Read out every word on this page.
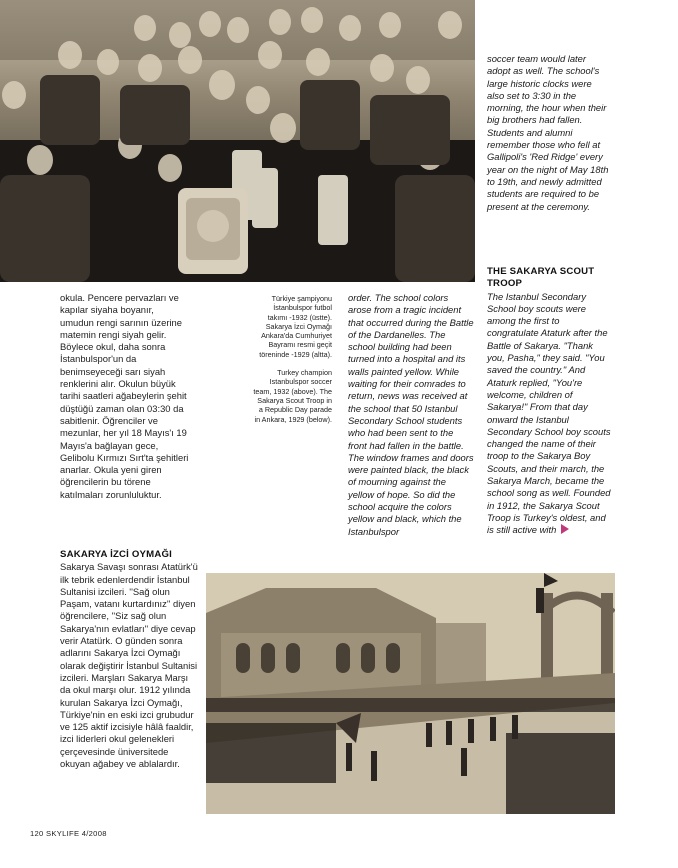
okula. Pencere pervazları ve kapılar siyaha boyanır, umudun rengi sarının üzerine matemin rengi siyah gelir. Böylece okul, daha sonra İstanbulspor'un da benimseyeceği sarı siyah renklerini alır. Okulun büyük tarihi saatleri ağabeylerin şehit düştüğü zaman olan 03:30 da sabitlenir. Öğrenciler ve mezunlar, her yıl 18 Mayıs'ı 19 Mayıs'a bağlayan gece, Gelibolu Kırmızı Sırt'ta şehitleri anarlar. Okula yeni giren öğrencilerin bu törene katılmaları zorunluluktur.

SAKARYA İZCİ OYMAĞI

Sakarya Savaşı sonrası Atatürk'ü ilk tebrik edenlerdendir İstanbul Sultanisi izcileri. ''Sağ olun Paşam, vatanı kurtardınız'' diyen öğrencilere, ''Siz sağ olun Sakarya'nın evlatları'' diye cevap verir Atatürk. O günden sonra adlarını Sakarya İzci Oymağı olarak değiştirir İstanbul Sultanisi izcileri. Marşları Sakarya Marşı da okul marşı olur. 1912 yılında kurulan Sakarya İzci Oymağı, Türkiye'nin en eski izci grubudur ve 125 aktif izcisiyle hâlâ faaldir, izci liderleri okul gelenekleri çerçevesinde üniversitede okuyan ağabey ve ablalardır.

Türkiye şampiyonu İstanbulspor futbol takımı -1932 (üstte). Sakarya İzci Oymağı Ankara'da Cumhuriyet Bayramı resmi geçit töreninde -1929 (altta).

Turkey champion Istanbulspor soccer team, 1932 (above). The Sakarya Scout Troop in a Republic Day parade in Ankara, 1929 (below).

order. The school colors arose from a tragic incident that occurred during the Battle of the Dardanelles. The school building had been turned into a hospital and its walls painted yellow. While waiting for their comrades to return, news was received at the school that 50 Istanbul Secondary School students who had been sent to the front had fallen in the battle. The window frames and doors were painted black, the black of mourning against the yellow of hope. So did the school acquire the colors yellow and black, which the Istanbulspor

soccer team would later adopt as well. The school's large historic clocks were also set to 3:30 in the morning, the hour when their big brothers had fallen. Students and alumni remember those who fell at Gallipoli's 'Red Ridge' every year on the night of May 18th to 19th, and newly admitted students are required to be present at the ceremony.

THE SAKARYA SCOUT TROOP

The Istanbul Secondary School boy scouts were among the first to congratulate Ataturk after the Battle of Sakarya. "Thank you, Pasha," they said. "You saved the country." And Ataturk replied, "You're welcome, children of Sakarya!" From that day onward the Istanbul Secondary School boy scouts changed the name of their troop to the Sakarya Boy Scouts, and their march, the Sakarya March, became the school song as well. Founded in 1912, the Sakarya Scout Troop is Turkey's oldest, and is still active with

120 SKYLIFE 4/2008
